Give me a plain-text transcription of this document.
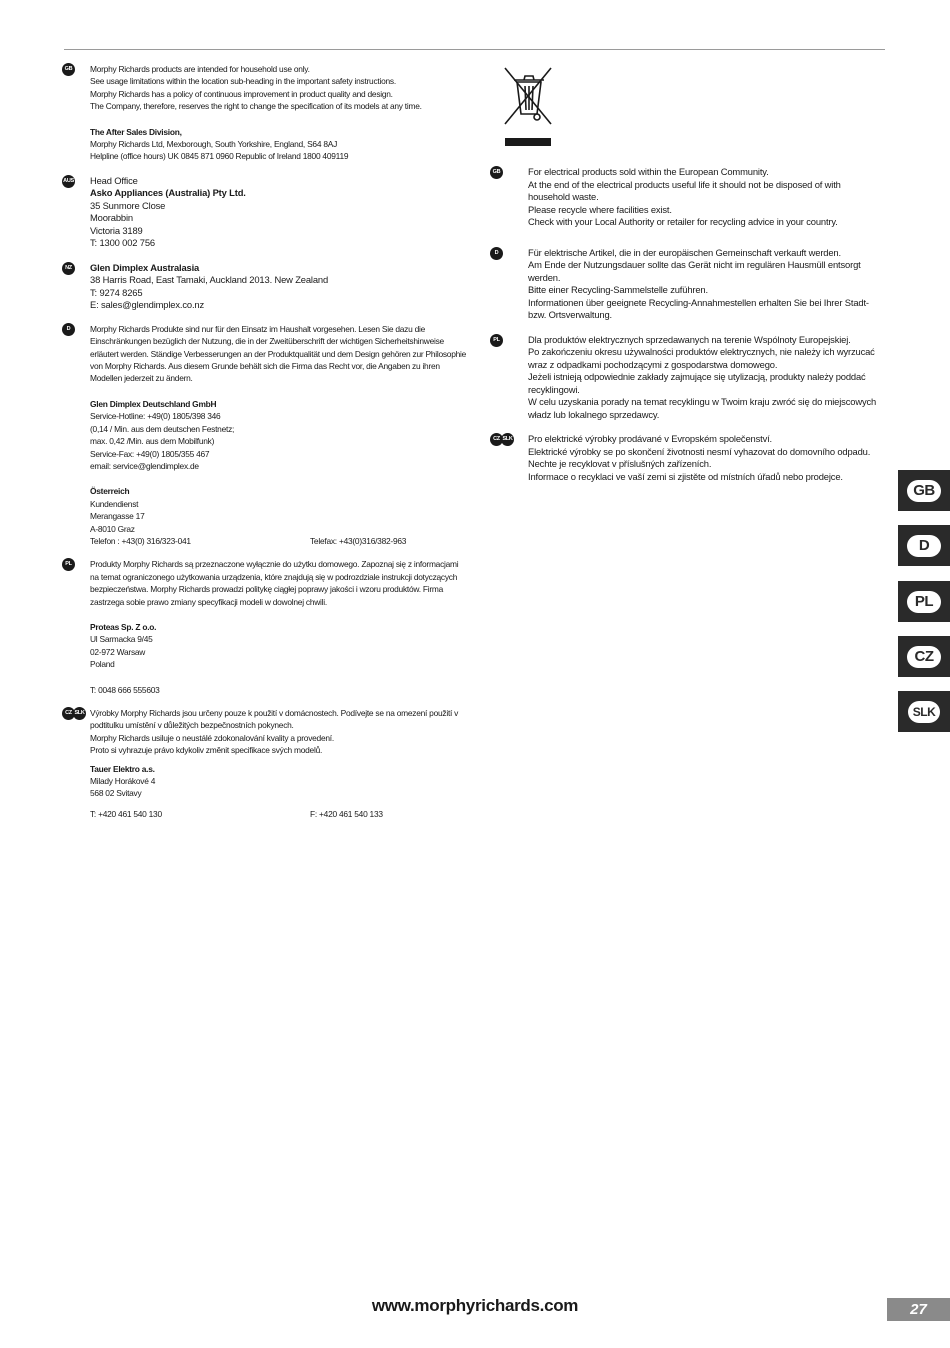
GB	Morphy Richards products are intended for household use only.
See usage limitations within the location sub-heading in the important safety instructions.
Morphy Richards has a policy of continuous improvement in product quality and design.
The Company, therefore, reserves the right to change the specification of its models at any time.
The After Sales Division,
Morphy Richards Ltd, Mexborough, South Yorkshire, England, S64 8AJ
Helpline (office hours) UK 0845 871 0960 Republic of Ireland 1800 409119
AUS Head Office
Asko Appliances (Australia) Pty Ltd.
35 Sunmore Close
Moorabbin
Victoria 3189
T: 1300 002 756
NZ	Glen Dimplex Australasia
38 Harris Road, East Tamaki, Auckland 2013. New Zealand
T: 9274 8265
E: sales@glendimplex.co.nz
D	Morphy Richards Produkte sind nur für den Einsatz im Haushalt vorgesehen. Lesen Sie dazu die
Einschränkungen bezüglich der Nutzung, die in der Zweitüberschrift der wichtigen Sicherheitshinweise
erläutert werden. Ständige Verbesserungen an der Produktqualität und dem Design gehören zur Philosophie
von Morphy Richards. Aus diesem Grunde behält sich die Firma das Recht vor, die Angaben zu ihren
Modellen jederzeit zu ändern.
Glen Dimplex Deutschland GmbH
Service-Hotline: +49(0) 1805/398 346
(0,14 / Min. aus dem deutschen Festnetz;
max. 0,42 /Min. aus dem Mobilfunk)
Service-Fax: +49(0) 1805/355 467
email: service@glendimplex.de
Österreich
Kundendienst
Merangasse 17
A-8010 Graz
Telefon : +43(0) 316/323-041	Telefax: +43(0)316/382-963
PL	Produkty Morphy Richards są przeznaczone wyłącznie do użytku domowego. Zapoznaj się z informacjami
na temat ograniczonego użytkowania urządzenia, które znajdują się w podrozdziale instrukcji dotyczących
bezpieczeństwa. Morphy Richards prowadzi politykę ciągłej poprawy jakości i wzoru produktów. Firma
zastrzega sobie prawo zmiany specyfikacji modeli w dowolnej chwili.
Proteas Sp. Z o.o.
Ul Sarmacka 9/45
02-972 Warsaw
Poland
T: 0048 666 555603
CZ SLK Výrobky Morphy Richards jsou určeny pouze k použití v domácnostech. Podívejte se na omezení použití v
podtitulku umístění v důležitých bezpečnostních pokynech.
Morphy Richards usiluje o neustálé zdokonalování kvality a provedení.
Proto si vyhrazuje právo kdykoliv změnit specifikace svých modelů.
Tauer Elektro a.s.
Milady Horákové 4
568 02 Svitavy
T: +420 461 540 130	F: +420 461 540 133
GB	For electrical products sold within the European Community.
At the end of the electrical products useful life it should not be disposed of with
household waste.
Please recycle where facilities exist.
Check with your Local Authority or retailer for recycling advice in your country.
D	Für elektrische Artikel, die in der europäischen Gemeinschaft verkauft werden.
Am Ende der Nutzungsdauer sollte das Gerät nicht im regulären Hausmüll entsorgt
werden.
Bitte einer Recycling-Sammelstelle zuführen.
Informationen über geeignete Recycling-Annahmestellen erhalten Sie bei Ihrer Stadt-
bzw. Ortsverwaltung.
PL	Dla produktów elektrycznych sprzedawanych na terenie Wspólnoty Europejskiej.
Po zakończeniu okresu używalności produktów elektrycznych, nie należy ich wyrzucać
wraz z odpadkami pochodzącymi z gospodarstwa domowego.
Jeżeli istnieją odpowiednie zakłady zajmujące się utylizacją, produkty należy poddać
recyklingowi.
W celu uzyskania porady na temat recyklingu w Twoim kraju zwróć się do miejscowych
władz lub lokalnego sprzedawcy.
CZ SLK Pro elektrické výrobky prodávané v Evropském společenství.
Elektrické výrobky se po skončení životnosti nesmí vyhazovat do domovního odpadu.
Nechte je recyklovat v příslušných zařízeních.
Informace o recyklaci ve vaší zemi si zjistěte od místních úřadů nebo prodejce.
GB
D
PL
CZ
SLK
www.morphyrichards.com	27
